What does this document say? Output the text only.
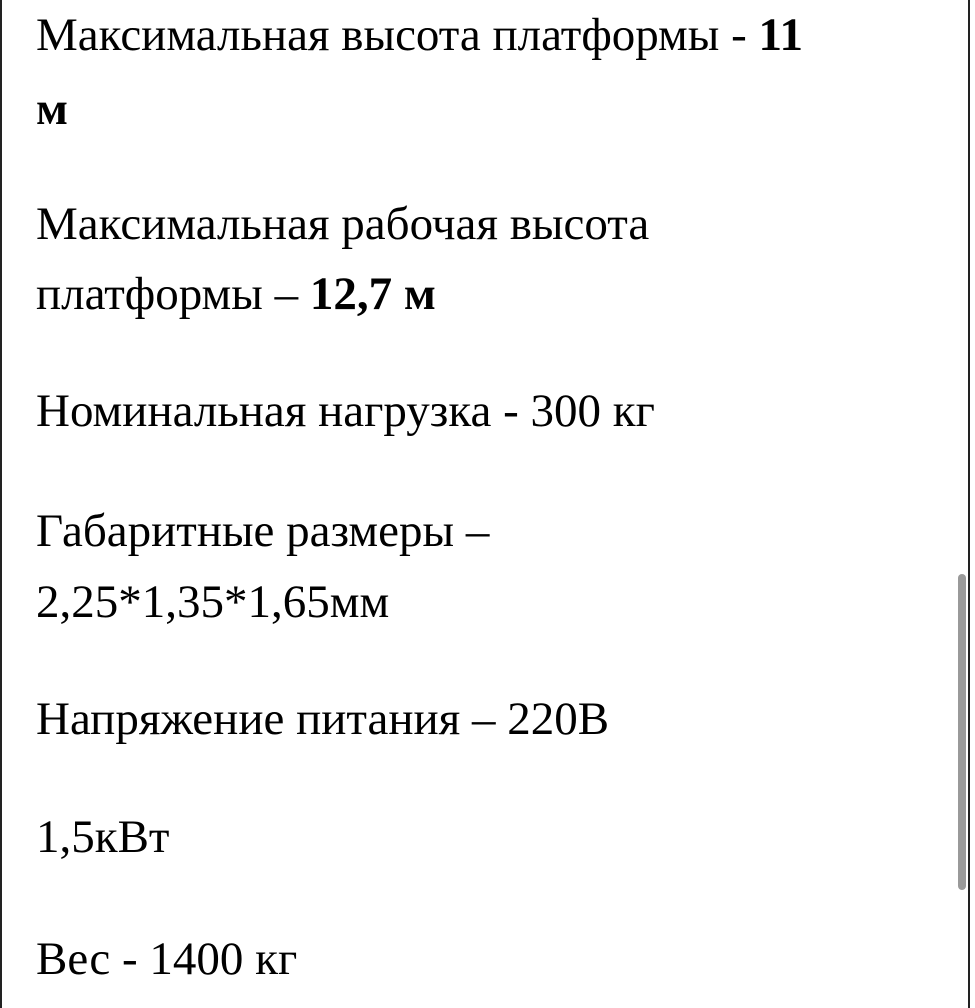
Максимальная высота платформы - 11
м
Максимальная рабочая высота
платформы – 12,7 м
Номинальная нагрузка - 300 кг
Габаритные размеры –
2,25*1,35*1,65мм
Напряжение питания – 220В
1,5кВт
Вес - 1400 кг
